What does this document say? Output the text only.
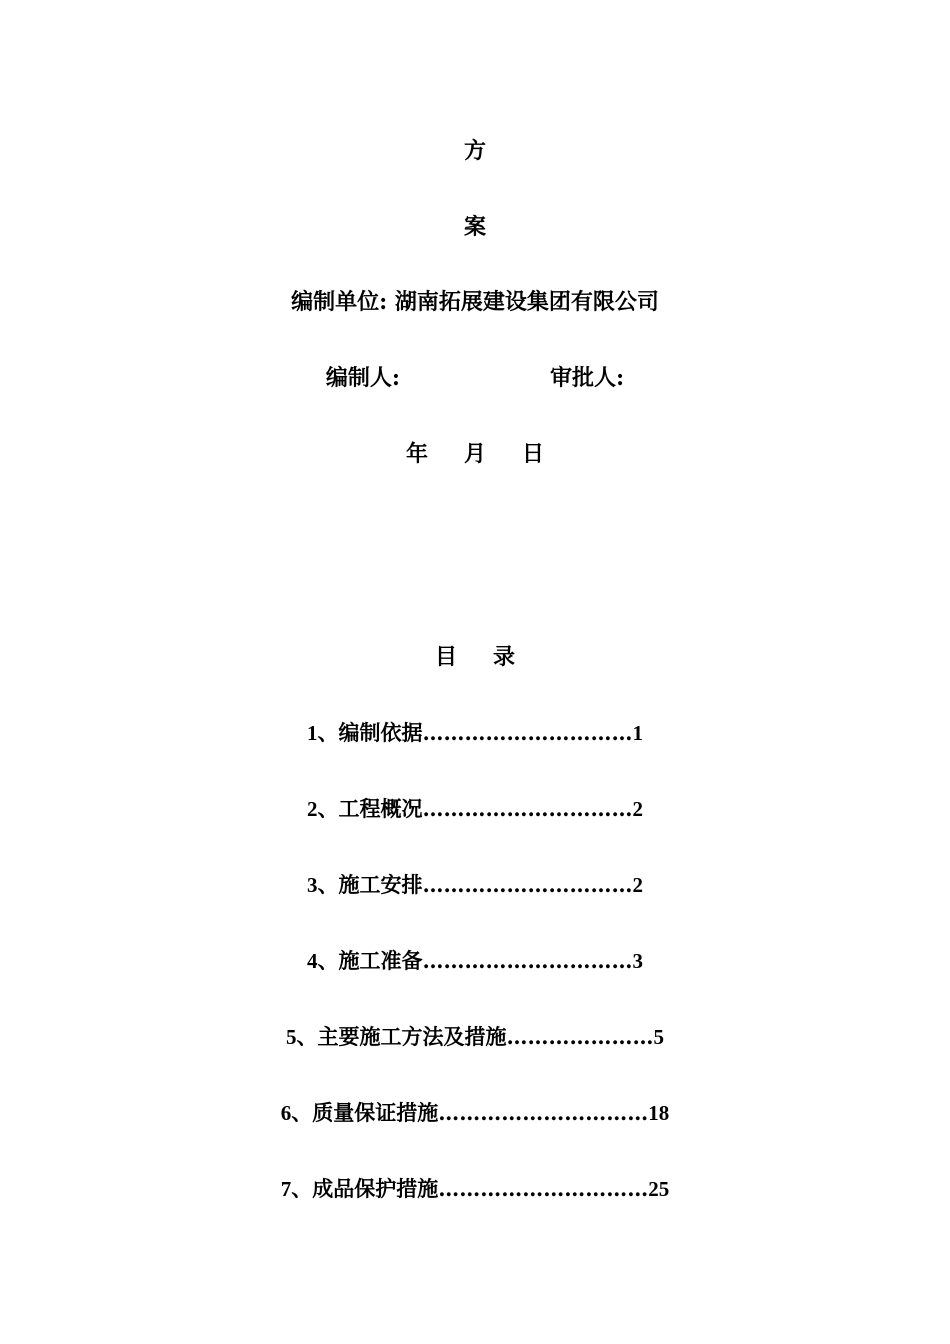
方
案
编制单位: 湖南拓展建设集团有限公司
编制人:	审批人:
年 月 日
目 录
1、编制依据…………………………1
2、工程概况…………………………2
3、施工安排…………………………2
4、施工准备…………………………3
5、主要施工方法及措施…………………5
6、质量保证措施…………………………18
7、成品保护措施…………………………25
